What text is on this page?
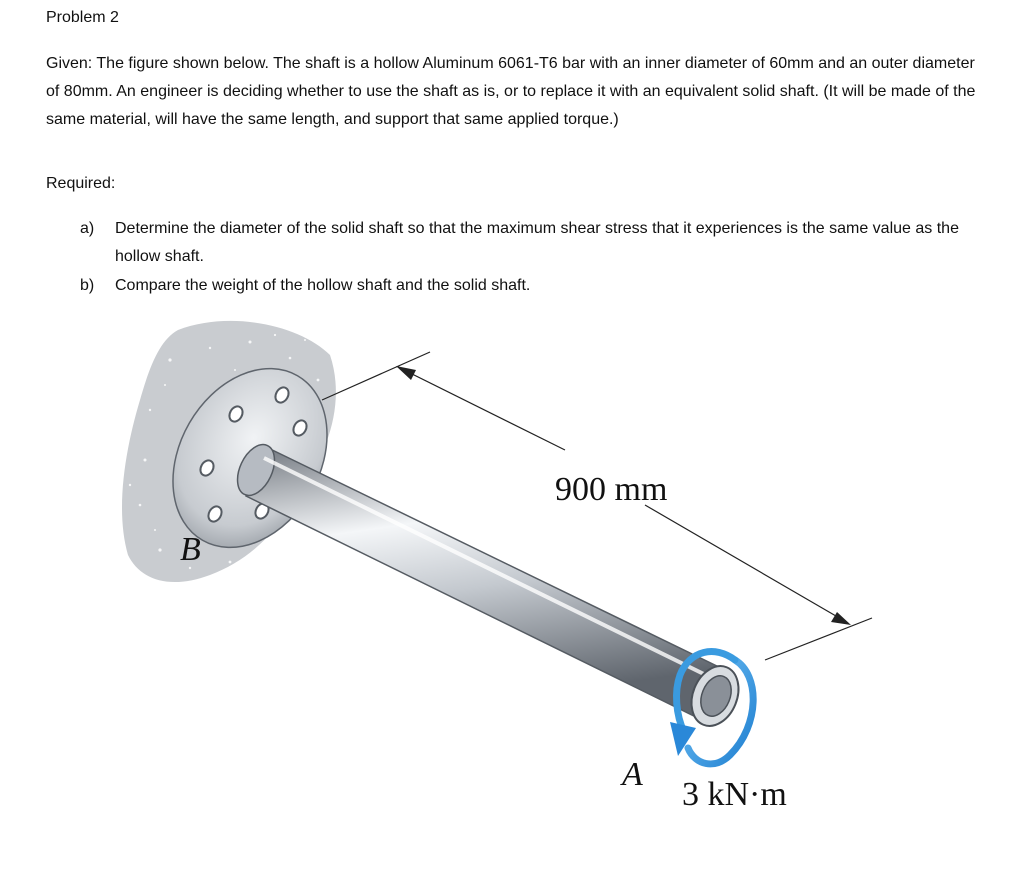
Problem 2
Given: The figure shown below. The shaft is a hollow Aluminum 6061-T6 bar with an inner diameter of 60mm and an outer diameter of 80mm. An engineer is deciding whether to use the shaft as is, or to replace it with an equivalent solid shaft. (It will be made of the same material, will have the same length, and support that same applied torque.)
Required:
a)	Determine the diameter of the solid shaft so that the maximum shear stress that it experiences is the same value as the hollow shaft.
b)	Compare the weight of the hollow shaft and the solid shaft.
900 mm
B
A
3 kN·m
